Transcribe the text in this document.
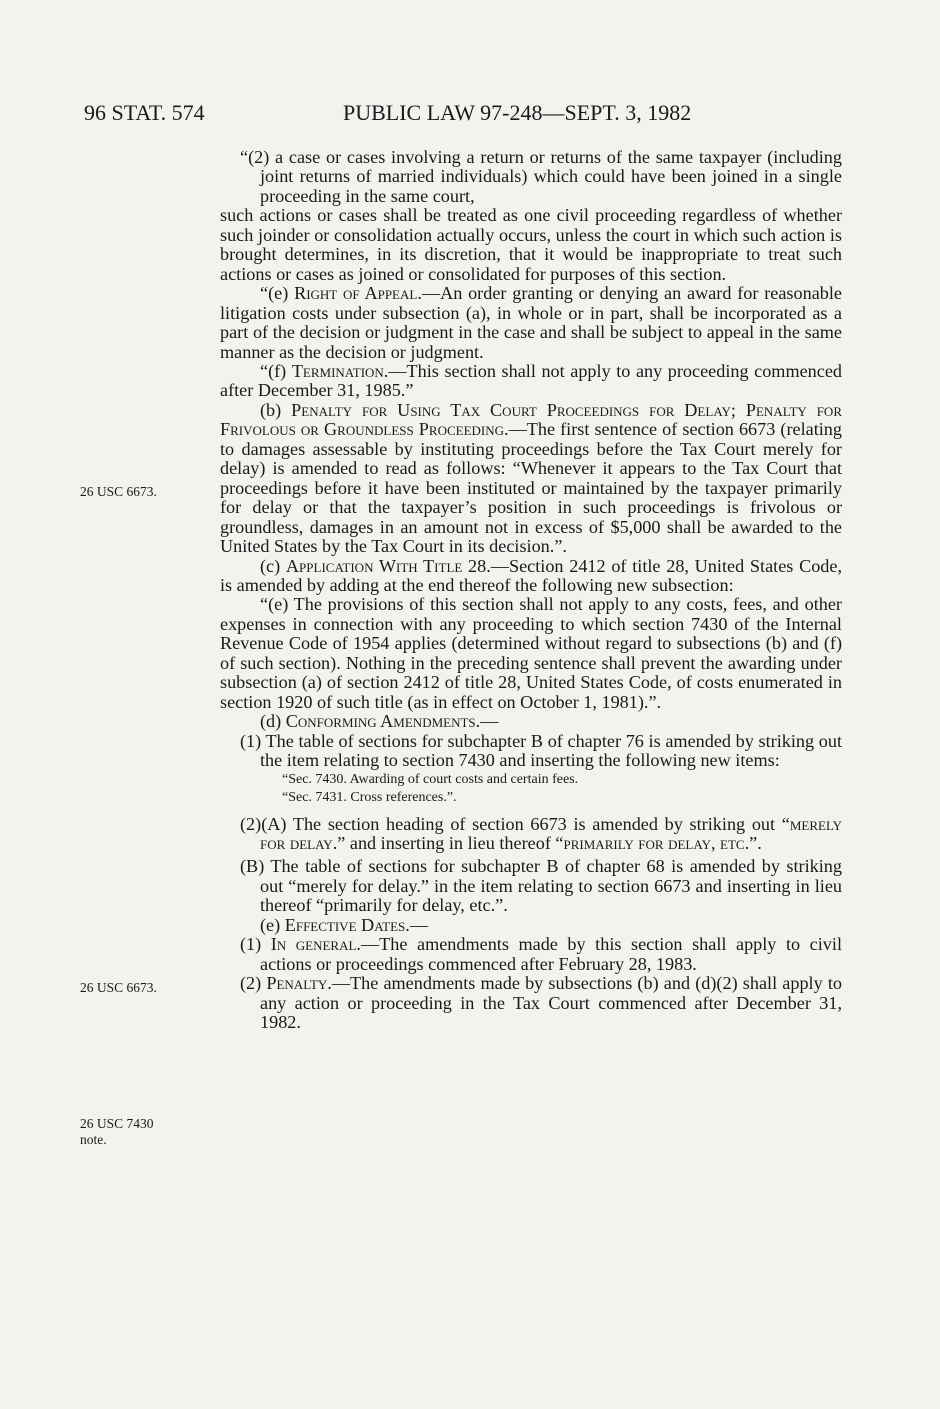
96 STAT. 574	PUBLIC LAW 97-248—SEPT. 3, 1982
26 USC 6673.
26 USC 6673.
26 USC 7430
note.

“(2) a case or cases involving a return or returns of the same taxpayer (including joint returns of married individuals) which could have been joined in a single proceeding in the same court,

such actions or cases shall be treated as one civil proceeding regardless of whether such joinder or consolidation actually occurs, unless the court in which such action is brought determines, in its discretion, that it would be inappropriate to treat such actions or cases as joined or consolidated for purposes of this section.

“(e) Right of Appeal.—An order granting or denying an award for reasonable litigation costs under subsection (a), in whole or in part, shall be incorporated as a part of the decision or judgment in the case and shall be subject to appeal in the same manner as the decision or judgment.

“(f) Termination.—This section shall not apply to any proceeding commenced after December 31, 1985.”

(b) Penalty for Using Tax Court Proceedings for Delay; Penalty for Frivolous or Groundless Proceeding.—The first sentence of section 6673 (relating to damages assessable by instituting proceedings before the Tax Court merely for delay) is amended to read as follows: “Whenever it appears to the Tax Court that proceedings before it have been instituted or maintained by the taxpayer primarily for delay or that the taxpayer’s position in such proceedings is frivolous or groundless, damages in an amount not in excess of $5,000 shall be awarded to the United States by the Tax Court in its decision.”.

(c) Application With Title 28.—Section 2412 of title 28, United States Code, is amended by adding at the end thereof the following new subsection:

“(e) The provisions of this section shall not apply to any costs, fees, and other expenses in connection with any proceeding to which section 7430 of the Internal Revenue Code of 1954 applies (determined without regard to subsections (b) and (f) of such section). Nothing in the preceding sentence shall prevent the awarding under subsection (a) of section 2412 of title 28, United States Code, of costs enumerated in section 1920 of such title (as in effect on October 1, 1981).”.

(d) Conforming Amendments.—

(1) The table of sections for subchapter B of chapter 76 is amended by striking out the item relating to section 7430 and inserting the following new items:

“Sec. 7430. Awarding of court costs and certain fees.

“Sec. 7431. Cross references.”.

(2)(A) The section heading of section 6673 is amended by striking out “merely for delay.” and inserting in lieu thereof “primarily for delay, etc.”.

(B) The table of sections for subchapter B of chapter 68 is amended by striking out “merely for delay.” in the item relating to section 6673 and inserting in lieu thereof “primarily for delay, etc.”.

(e) Effective Dates.—

(1) In general.—The amendments made by this section shall apply to civil actions or proceedings commenced after February 28, 1983.

(2) Penalty.—The amendments made by subsections (b) and (d)(2) shall apply to any action or proceeding in the Tax Court commenced after December 31, 1982.
